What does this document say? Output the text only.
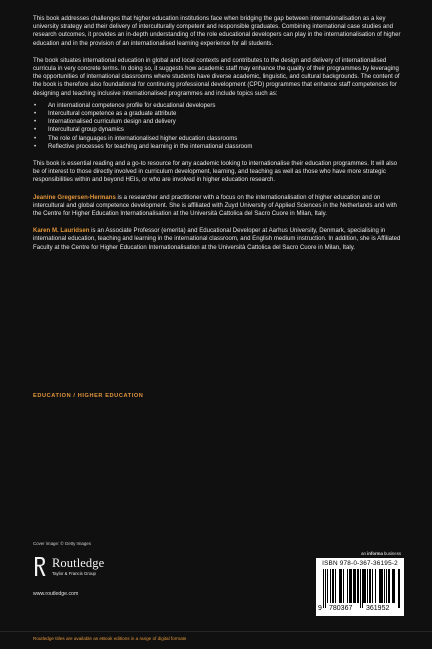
This book addresses challenges that higher education institutions face when bridging the gap between internationalisation as a key university strategy and their delivery of interculturally competent and responsible graduates. Combining international case studies and research outcomes, it provides an in-depth understanding of the role educational developers can play in the internationalisation of higher education and in the provision of an internationalised learning experience for all students.

The book situates international education in global and local contexts and contributes to the design and delivery of internationalised curricula in very concrete terms. In doing so, it suggests how academic staff may enhance the quality of their programmes by leveraging the opportunities of international classrooms where students have diverse academic, linguistic, and cultural backgrounds. The content of the book is therefore also foundational for continuing professional development (CPD) programmes that enhance staff competences for designing and teaching inclusive internationalised programmes and include topics such as:

• An international competence profile for educational developers
• Intercultural competence as a graduate attribute
• Internationalised curriculum design and delivery
• Intercultural group dynamics
• The role of languages in internationalised higher education classrooms
• Reflective processes for teaching and learning in the international classroom

This book is essential reading and a go-to resource for any academic looking to internationalise their education programmes. It will also be of interest to those directly involved in curriculum development, learning, and teaching as well as those who have more strategic responsibilities within and beyond HEIs, or who are involved in higher education research.

Jeanine Gregersen-Hermans is a researcher and practitioner with a focus on the internationalisation of higher education and on intercultural and global competence development. She is affiliated with Zuyd University of Applied Sciences in the Netherlands and with the Centre for Higher Education Internationalisation at the Università Cattolica del Sacro Cuore in Milan, Italy.

Karen M. Lauridsen is an Associate Professor (emerita) and Educational Developer at Aarhus University, Denmark, specialising in international education, teaching and learning in the international classroom, and English medium instruction. In addition, she is Affiliated Faculty at the Centre for Higher Education Internationalisation at the Università Cattolica del Sacro Cuore in Milan, Italy.

EDUCATION / HIGHER EDUCATION
Cover image: © Getty Images
Routledge
Taylor & Francis Group
www.routledge.com
an informa business
ISBN 978-0-367-36195-2
9 780367 361952
Routledge titles are available as eBook editions in a range of digital formats
